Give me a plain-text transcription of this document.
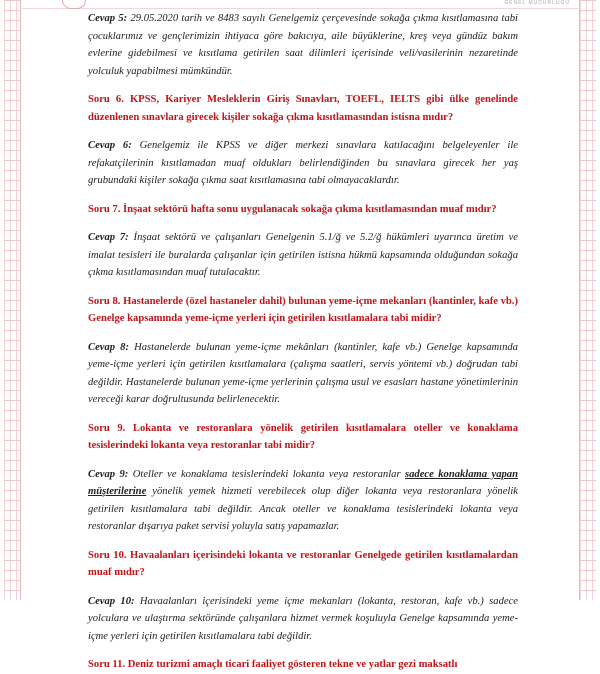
GENEL MÜDÜRLÜĞÜ

Cevap 5: 29.05.2020 tarih ve 8483 sayılı Genelgemiz çerçevesinde sokağa çıkma kısıtlamasına tabi çocuklarımız ve gençlerimizin ihtiyaca göre bakıcıya, aile büyüklerine, kreş veya gündüz bakım evlerine gidebilmesi ve kısıtlama getirilen saat dilimleri içerisinde veli/vasilerinin nezaretinde yolculuk yapabilmesi mümkündür.

Soru 6. KPSS, Kariyer Mesleklerin Giriş Sınavları, TOEFL, IELTS gibi ülke genelinde düzenlenen sınavlara girecek kişiler sokağa çıkma kısıtlamasından istisna mıdır?

Cevap 6: Genelgemiz ile KPSS ve diğer merkezi sınavlara katılacağını belgeleyenler ile refakatçilerinin kısıtlamadan muaf oldukları belirlendiğinden bu sınavlara girecek her yaş grubundaki kişiler sokağa çıkma saat kısıtlamasına tabi olmayacaklardır.

Soru 7. İnşaat sektörü hafta sonu uygulanacak sokağa çıkma kısıtlamasından muaf mıdır?

Cevap 7: İnşaat sektörü ve çalışanları Genelgenin 5.1/ğ ve 5.2/ğ hükümleri uyarınca üretim ve imalat tesisleri ile buralarda çalışanlar için getirilen istisna hükmü kapsamında olduğundan sokağa çıkma kısıtlamasından muaf tutulacaktır.

Soru 8. Hastanelerde (özel hastaneler dahil) bulunan yeme-içme mekanları (kantinler, kafe vb.) Genelge kapsamında yeme-içme yerleri için getirilen kısıtlamalara tabi midir?

Cevap 8: Hastanelerde bulunan yeme-içme mekânları (kantinler, kafe vb.) Genelge kapsamında yeme-içme yerleri için getirilen kısıtlamalara (çalışma saatleri, servis yöntemi vb.) doğrudan tabi değildir. Hastanelerde bulunan yeme-içme yerlerinin çalışma usul ve esasları hastane yönetimlerinin vereceği karar doğrultusunda belirlenecektir.

Soru 9. Lokanta ve restoranlara yönelik getirilen kısıtlamalara oteller ve konaklama tesislerindeki lokanta veya restoranlar tabi midir?

Cevap 9: Oteller ve konaklama tesislerindeki lokanta veya restoranlar sadece konaklama yapan müşterilerine yönelik yemek hizmeti verebilecek olup diğer lokanta veya restoranlara yönelik getirilen kısıtlamalara tabi değildir. Ancak oteller ve konaklama tesislerindeki lokanta veya restoranlar dışarıya paket servisi yoluyla satış yapamazlar.

Soru 10. Havaalanları içerisindeki lokanta ve restoranlar Genelgede getirilen kısıtlamalardan muaf mıdır?

Cevap 10: Havaalanları içerisindeki yeme içme mekanları (lokanta, restoran, kafe vb.) sadece yolculara ve ulaştırma sektöründe çalışanlara hizmet vermek koşuluyla Genelge kapsamında yeme-içme yerleri için getirilen kısıtlamalara tabi değildir.

Soru 11. Deniz turizmi amaçlı ticari faaliyet gösteren tekne ve yatlar gezi maksatlı
